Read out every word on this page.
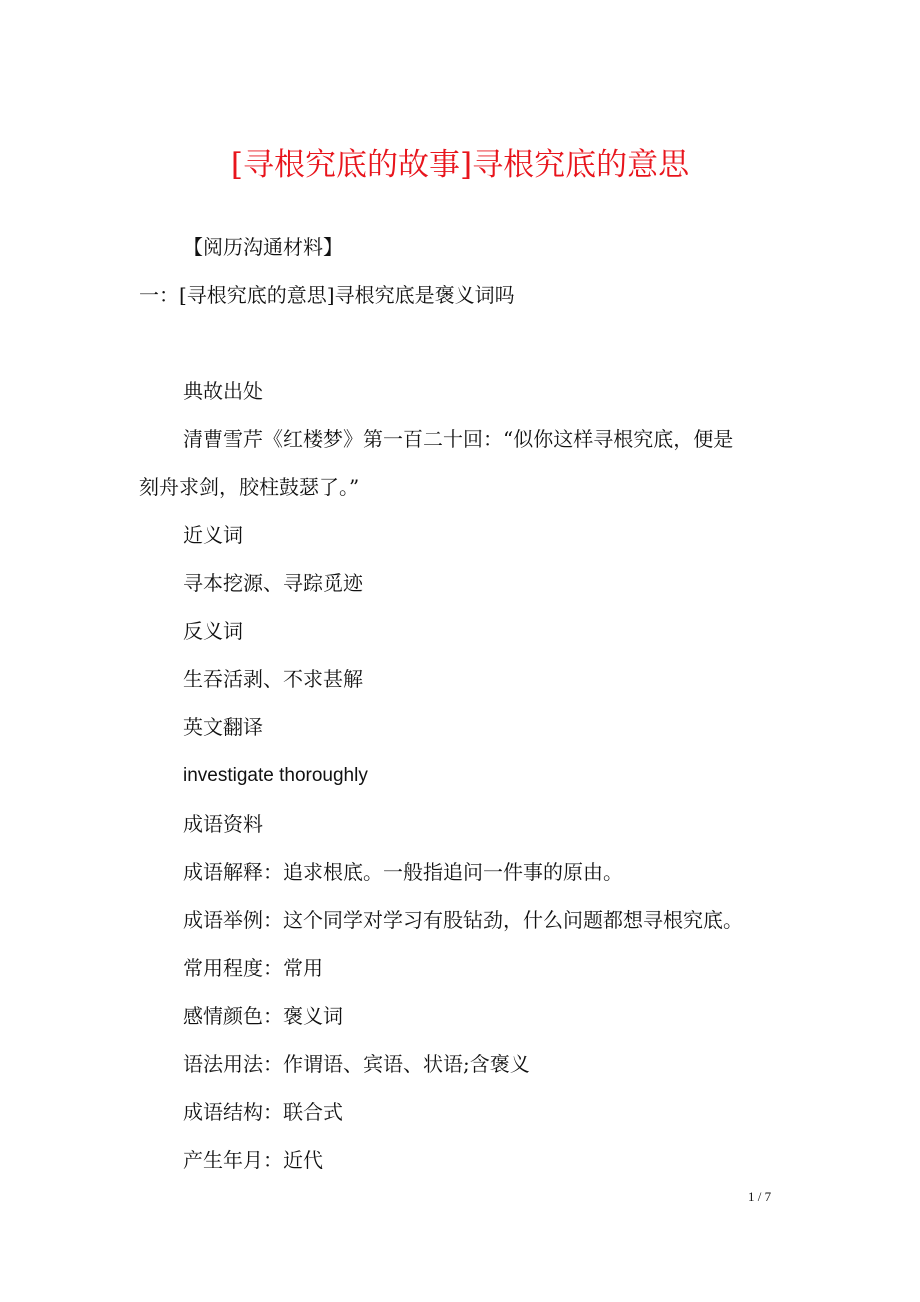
[寻根究底的故事]寻根究底的意思
【阅历沟通材料】
一：[寻根究底的意思]寻根究底是褒义词吗
典故出处
清曹雪芹《红楼梦》第一百二十回：“似你这样寻根究底，便是
刻舟求剑，胶柱鼓瑟了。”
近义词
寻本挖源、寻踪觅迹
反义词
生吞活剥、不求甚解
英文翻译
investigate thoroughly
成语资料
成语解释：追求根底。一般指追问一件事的原由。
成语举例：这个同学对学习有股钻劲，什么问题都想寻根究底。
常用程度：常用
感情颜色：褒义词
语法用法：作谓语、宾语、状语;含褒义
成语结构：联合式
产生年月：近代
1 / 7
